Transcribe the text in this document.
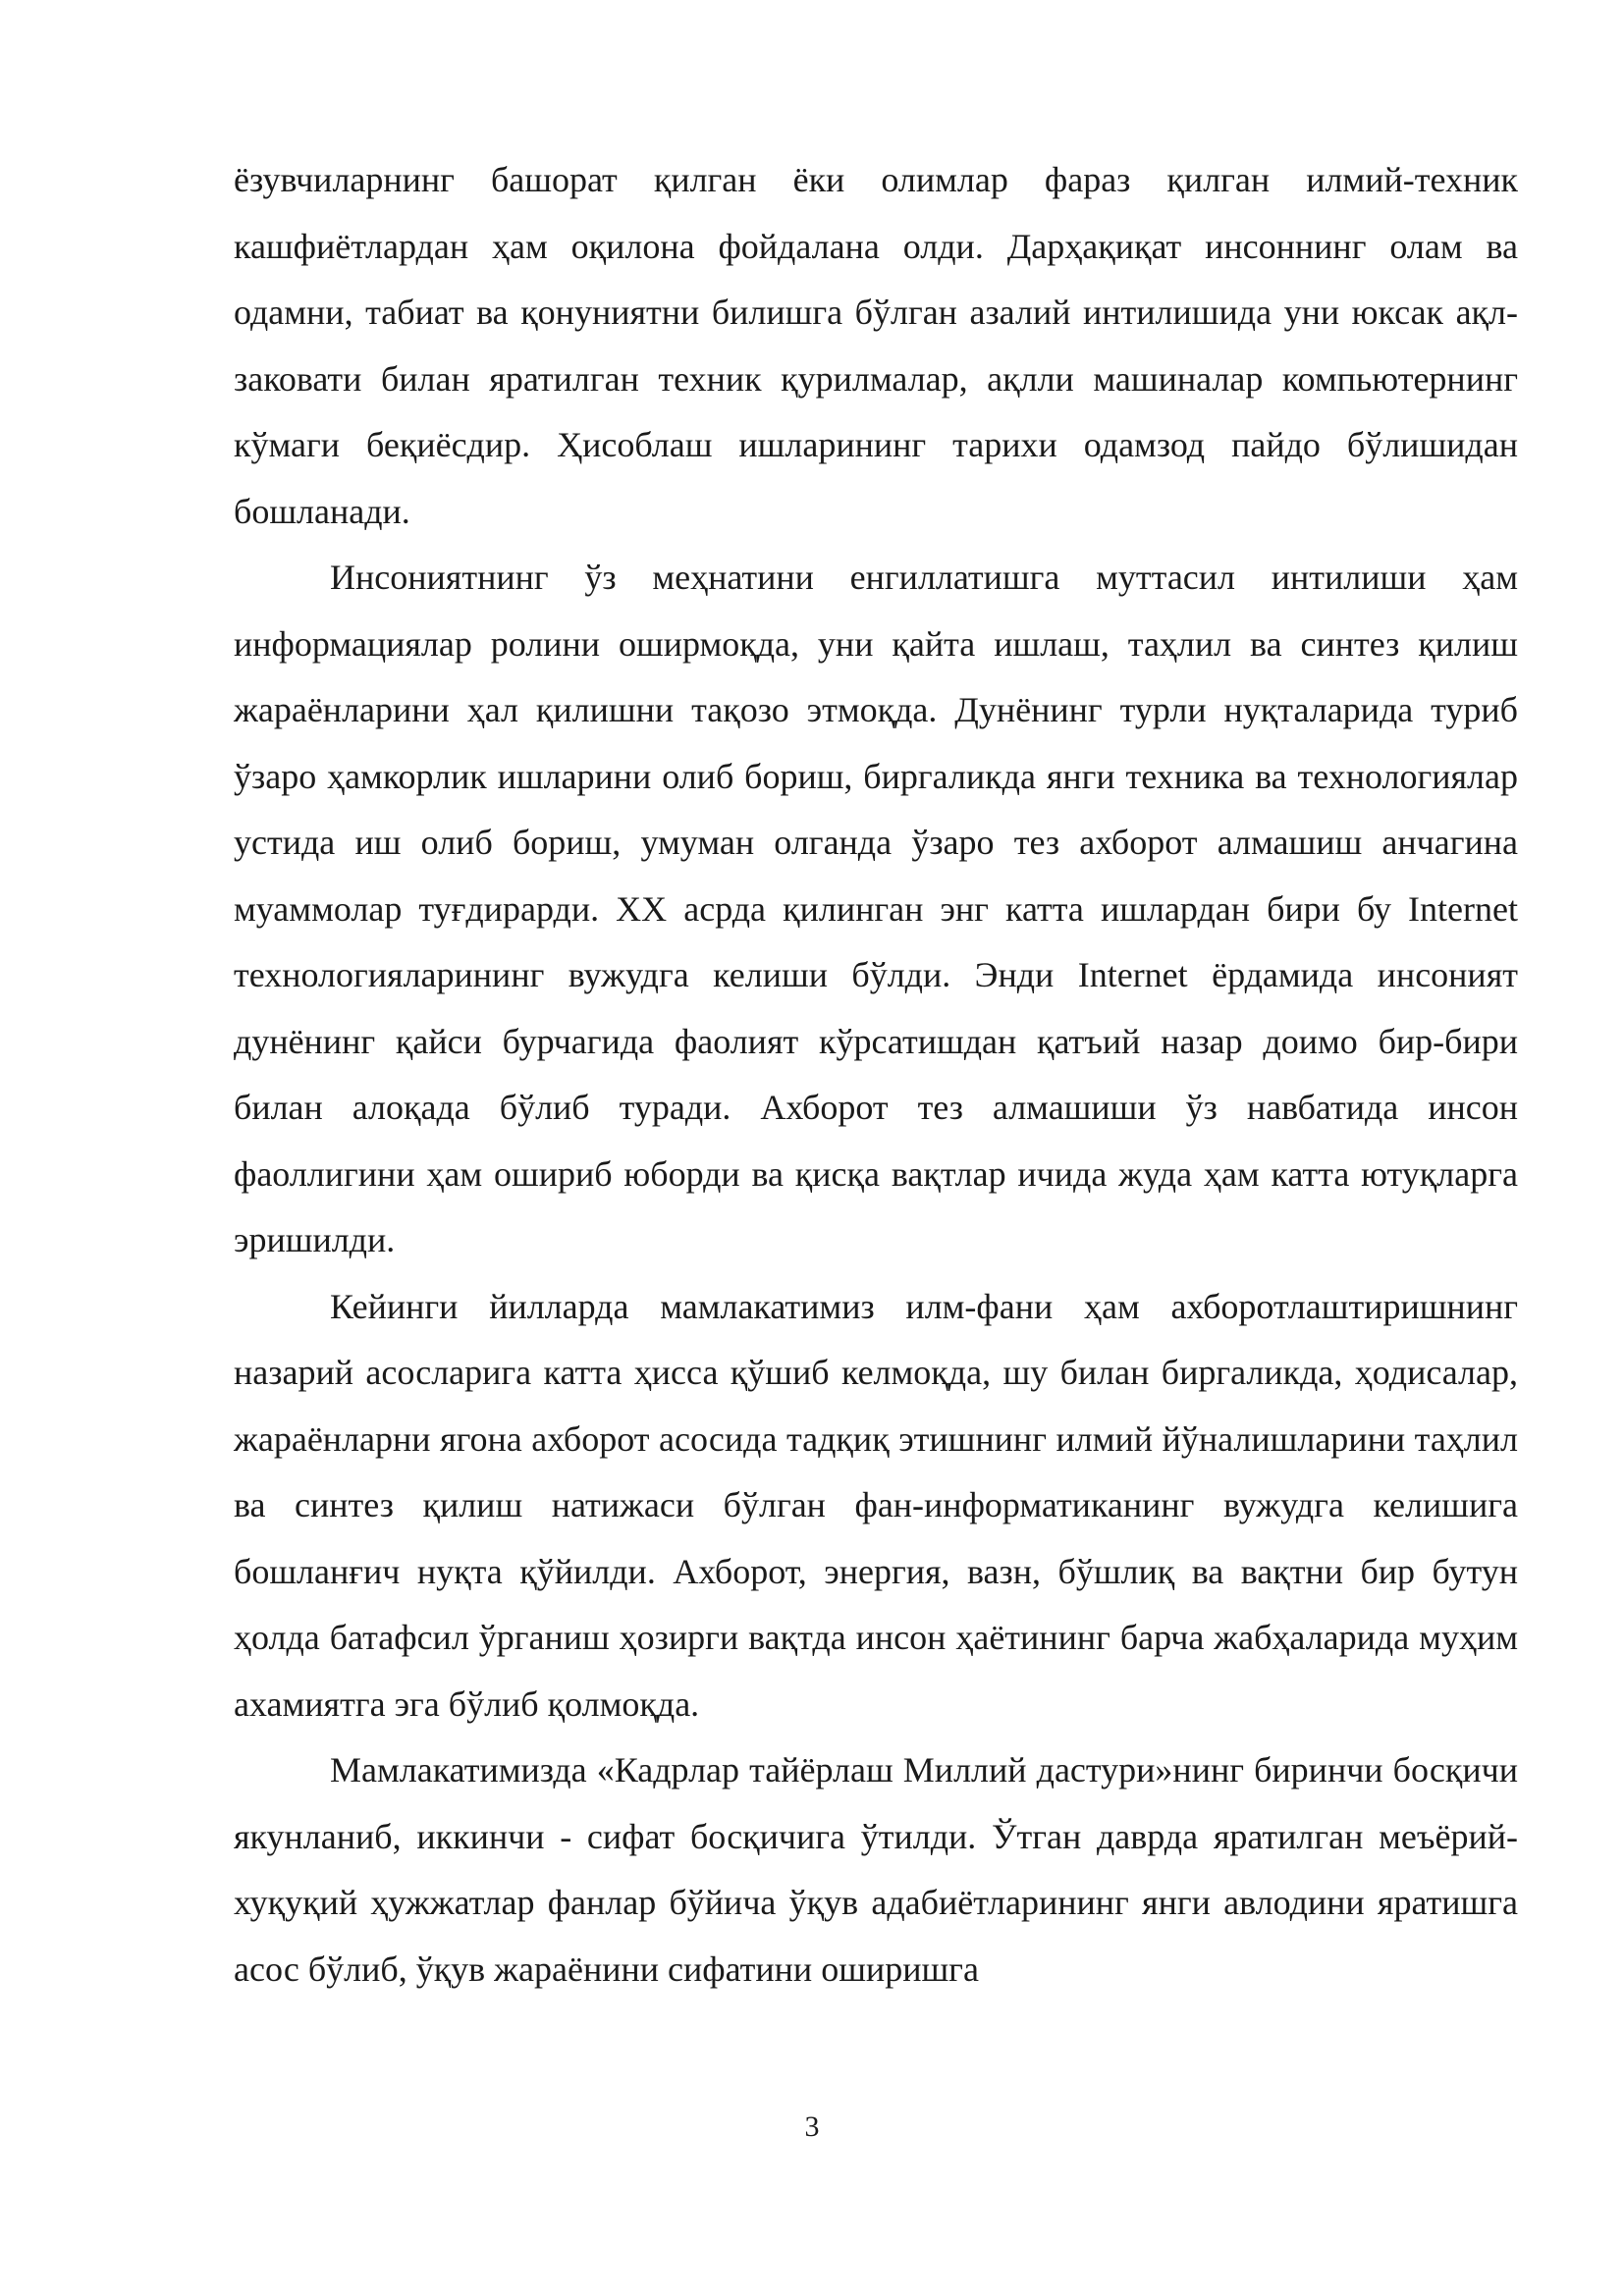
ёзувчиларнинг башорат қилган ёки олимлар фараз қилган илмий-техник кашфиётлардан ҳам оқилона фойдалана олди. Дарҳақиқат инсоннинг олам ва одамни, табиат ва қонуниятни билишга бўлган азалий интилишида уни юксак ақл-заковати билан яратилган техник қурилмалар, ақлли машиналар компьютернинг кўмаги беқиёсдир. Ҳисоблаш ишларининг тарихи одамзод пайдо бўлишидан бошланади.

Инсониятнинг ўз меҳнатини енгиллатишга муттасил интилиши ҳам информациялар ролини оширмоқда, уни қайта ишлаш, таҳлил ва синтез қилиш жараёнларини ҳал қилишни тақозо этмоқда. Дунёнинг турли нуқталарида туриб ўзаро ҳамкорлик ишларини олиб бориш, биргаликда янги техника ва технологиялар устида иш олиб бориш, умуман олганда ўзаро тез ахборот алмашиш анчагина муаммолар туғдирарди. XX асрда қилинган энг катта ишлардан бири бу Internet технологияларининг вужудга келиши бўлди. Энди Internet ёрдамида инсоният дунёнинг қайси бурчагида фаолият кўрсатишдан қатъий назар доимо бир-бири билан алоқада бўлиб туради. Ахборот тез алмашиши ўз навбатида инсон фаоллигини ҳам ошириб юборди ва қисқа вақтлар ичида жуда ҳам катта ютуқларга эришилди.

Кейинги йилларда мамлакатимиз илм-фани ҳам ахборотлаштиришнинг назарий асосларига катта ҳисса қўшиб келмоқда, шу билан биргаликда, ҳодисалар, жараёнларни ягона ахборот асосида тадқиқ этишнинг илмий йўналишларини таҳлил ва синтез қилиш натижаси бўлган фан-информатиканинг вужудга келишига бошланғич нуқта қўйилди. Ахборот, энергия, вазн, бўшлиқ ва вақтни бир бутун ҳолда батафсил ўрганиш ҳозирги вақтда инсон ҳаётининг барча жабҳаларида муҳим ахамиятга эга бўлиб қолмоқда.

Мамлакатимизда «Кадрлар тайёрлаш Миллий дастури»нинг биринчи босқичи якунланиб, иккинчи - сифат босқичига ўтилди. Ўтган даврда яратилган меъёрий-хуқуқий ҳужжатлар фанлар бўйича ўқув адабиётларининг янги авлодини яратишга асос бўлиб, ўқув жараёнини сифатини оширишга

3
